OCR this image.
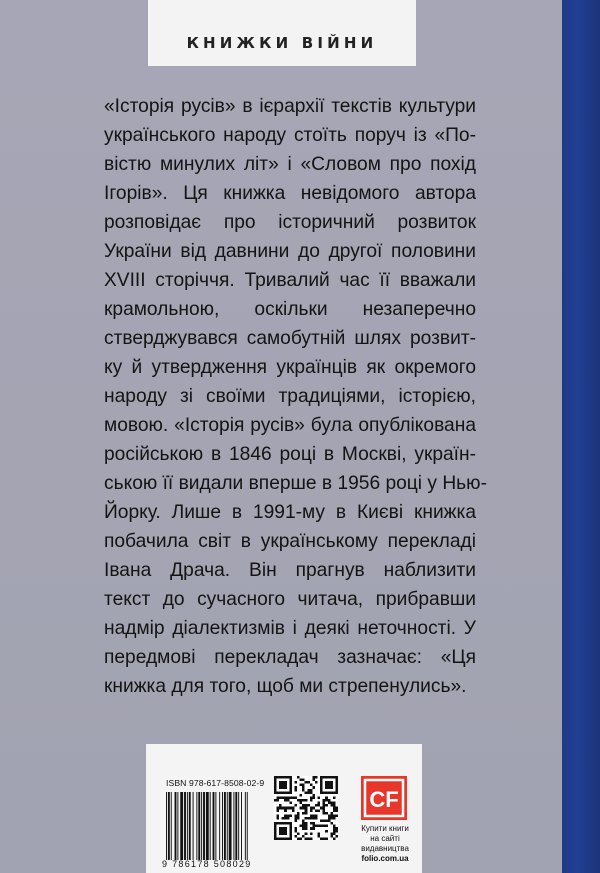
КНИЖКИ ВІЙНИ
«Історія русів» в ієрархії текстів культури
українського народу стоїть поруч із «По-
вістю минулих літ» і «Словом про похід
Ігорів». Ця книжка невідомого автора
розповідає про історичний розвиток
України від давнини до другої половини
XVIII сторіччя. Тривалий час її вважали
крамольною, оскільки незаперечно
стверджувався самобутній шлях розвит-
ку й утвердження українців як окремого
народу зі своїми традиціями, історією,
мовою. «Історія русів» була опублікована
російською в 1846 році в Москві, україн-
ською її видали вперше в 1956 році у Нью-
Йорку. Лише в 1991-му в Києві книжка
побачила світ в українському перекладі
Івана Драча. Він прагнув наблизити
текст до сучасного читача, прибравши
надмір діалектизмів і деякі неточності. У
передмові перекладач зазначає: «Ця
книжка для того, щоб ми стрепенулись».
ISBN 978-617-8508-02-9
9 786178 508029
CF
Купити книги
на сайті
видавництва
folio.com.ua
